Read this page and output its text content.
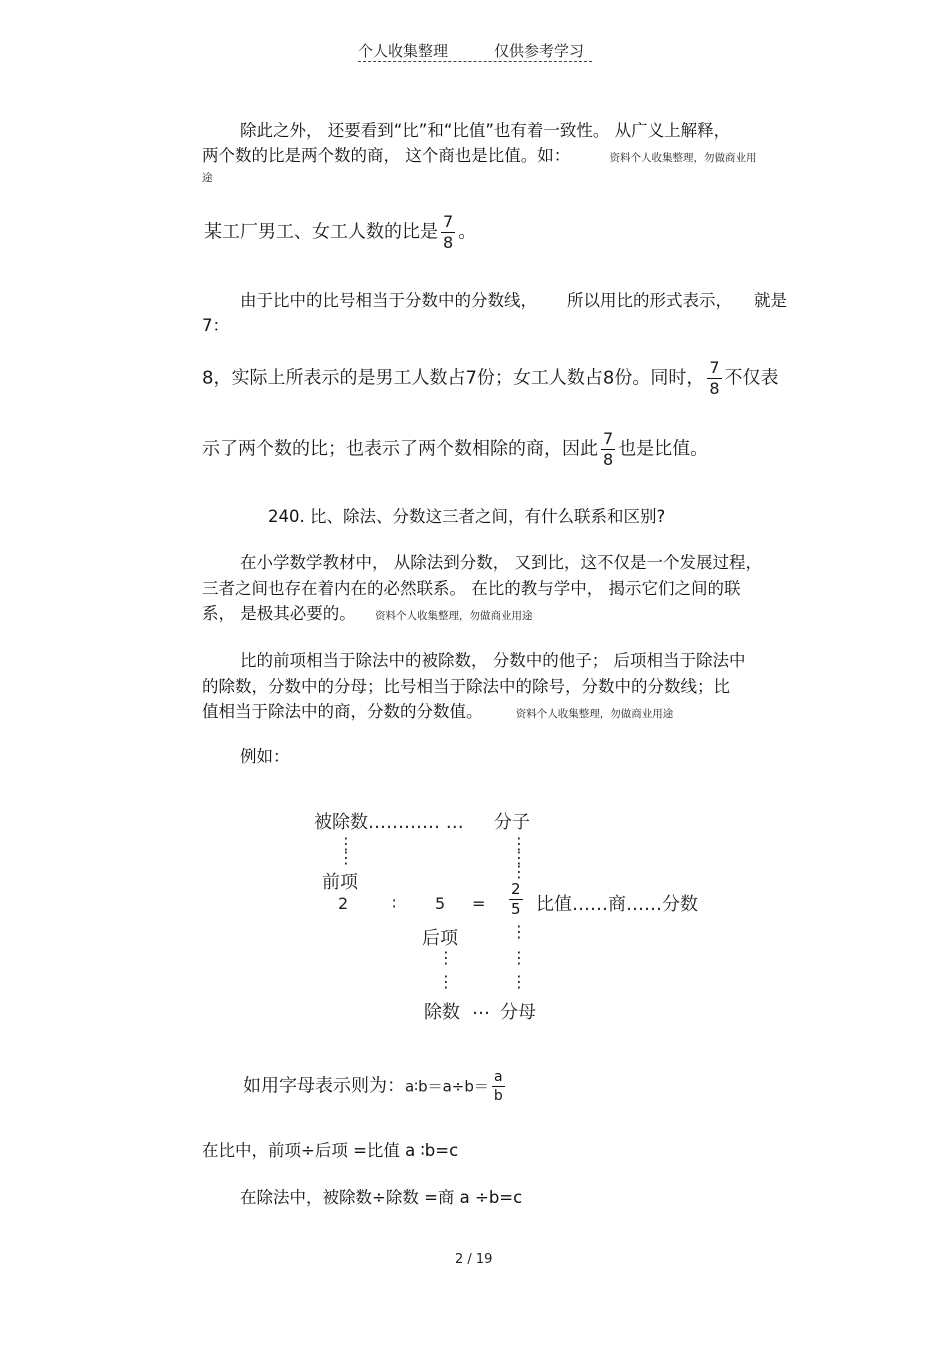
个人收集整理	仅供参考学习
除此之外， 还要看到“比”和“比值”也有着一致性。 从广义上解释，
两个数的比是两个数的商， 这个商也是比值。如：	资料个人收集整理，勿做商业用
途
某工厂男工、女工人数的比是 $\frac{7}{8}$ 。
由于比中的比号相当于分数中的分数线， 所以用比的形式表示， 就是
7：
8，实际上所表示的是男工人数占7份；女工人数占8份。同时， $\frac{7}{8}$ 不仅表
示了两个数的比；也表示了两个数相除的商，因此 $\frac{7}{8}$ 也是比值。
240. 比、除法、分数这三者之间，有什么联系和区别?
在小学数学教材中， 从除法到分数， 又到比，这不仅是一个发展过程，
三者之间也存在着内在的必然联系。 在比的教与学中， 揭示它们之间的联
系， 是极其必要的。 资料个人收集整理，勿做商业用途
比的前项相当于除法中的被除数， 分数中的他子； 后项相当于除法中
的除数，分数中的分母；比号相当于除法中的除号，分数中的分数线；比
值相当于除法中的商，分数的分数值。	资料个人收集整理，勿做商业用途
例如：
被除数………… … 分子
⋮
⋮
⋮
⋮
⋮
前项
2	∶ $5 = \frac{2}{5}$ 比值……商……分数
后项	⋮
⋮	⋮
⋮	⋮
除数 … 分母
如用字母表示则为：a∶b＝a÷b＝ $\frac{a}{b}$
在比中，前项÷后项 =比值 a ∶b=c
在除法中，被除数÷除数 =商 a ÷b=c
2 / 19
